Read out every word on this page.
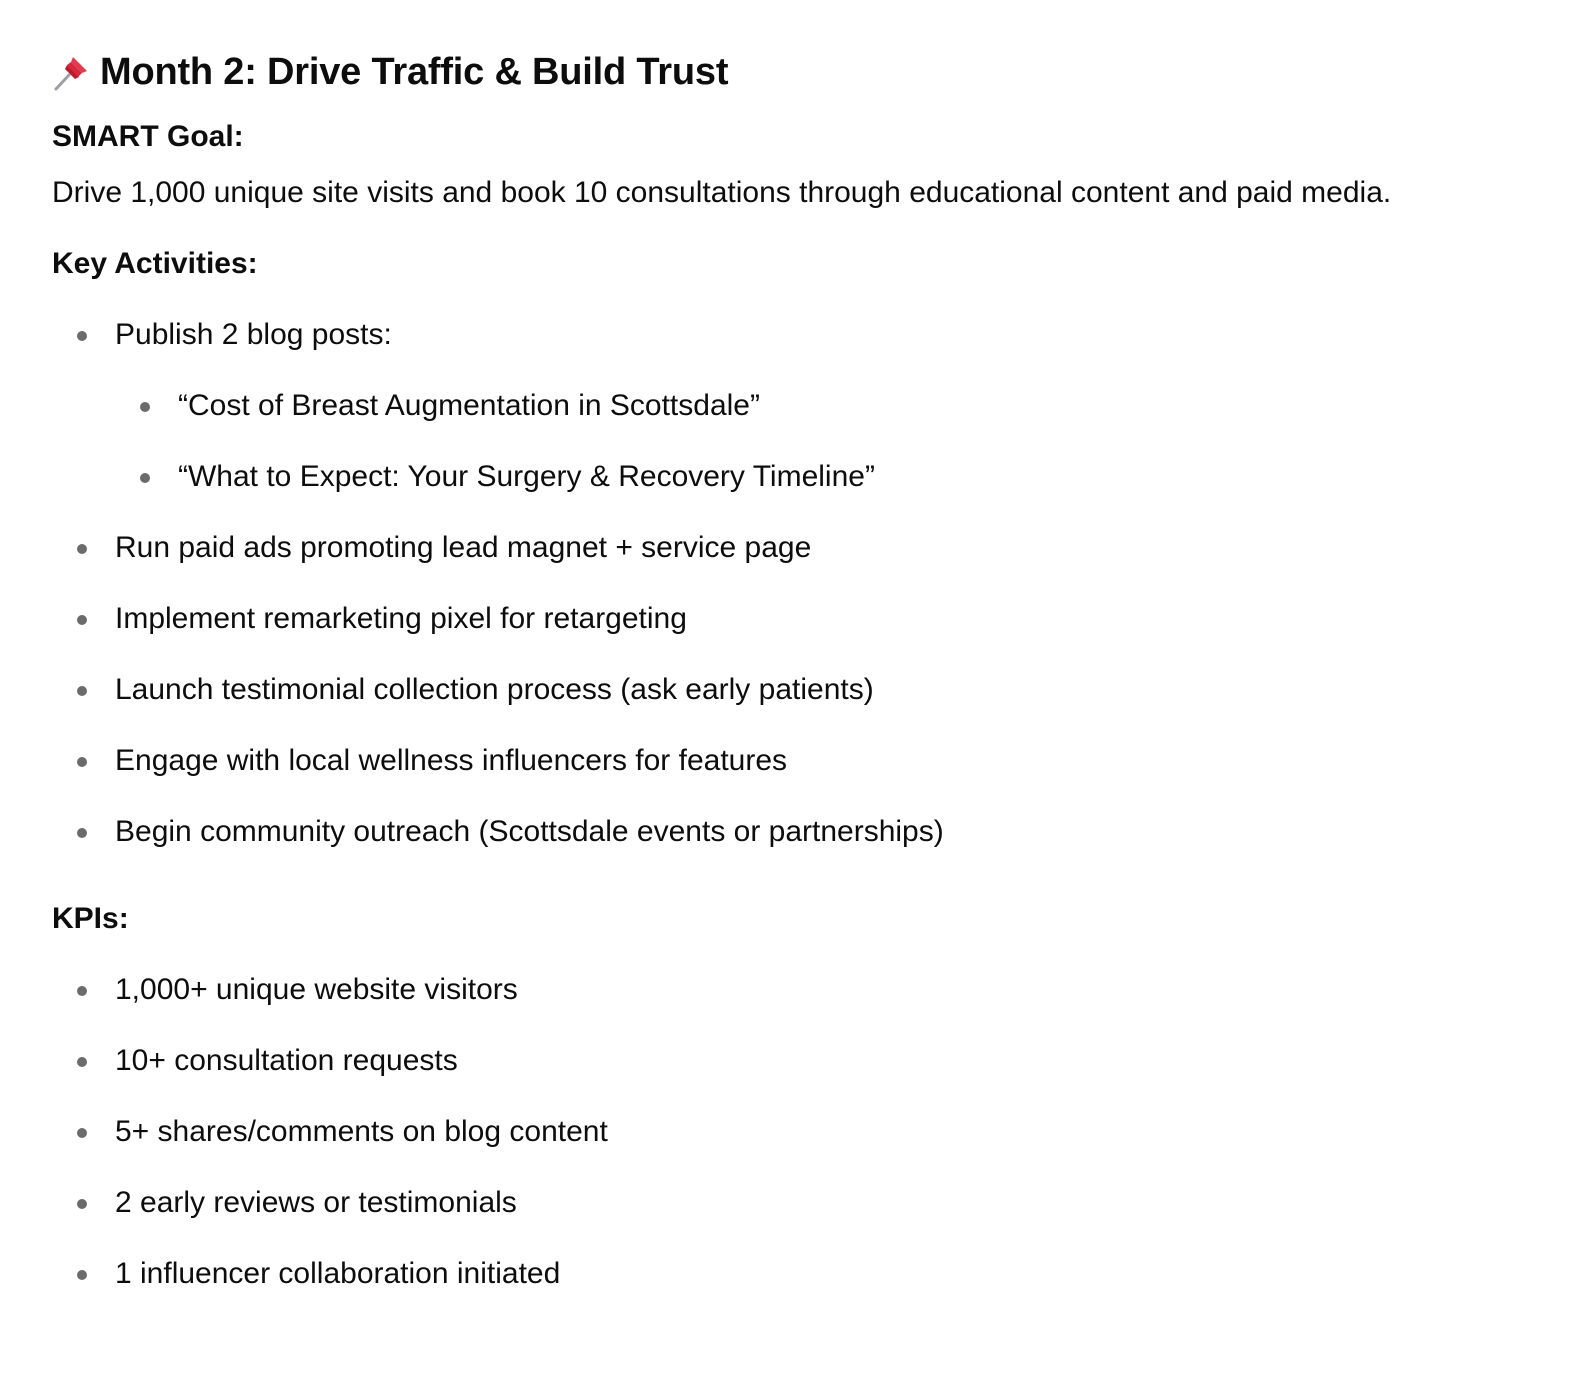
Month 2: Drive Traffic & Build Trust
SMART Goal:

Drive 1,000 unique site visits and book 10 consultations through educational content and paid media.

Key Activities:
Publish 2 blog posts:
“Cost of Breast Augmentation in Scottsdale”
“What to Expect: Your Surgery & Recovery Timeline”
Run paid ads promoting lead magnet + service page
Implement remarketing pixel for retargeting
Launch testimonial collection process (ask early patients)
Engage with local wellness influencers for features
Begin community outreach (Scottsdale events or partnerships)
KPIs:
1,000+ unique website visitors
10+ consultation requests
5+ shares/comments on blog content
2 early reviews or testimonials
1 influencer collaboration initiated
